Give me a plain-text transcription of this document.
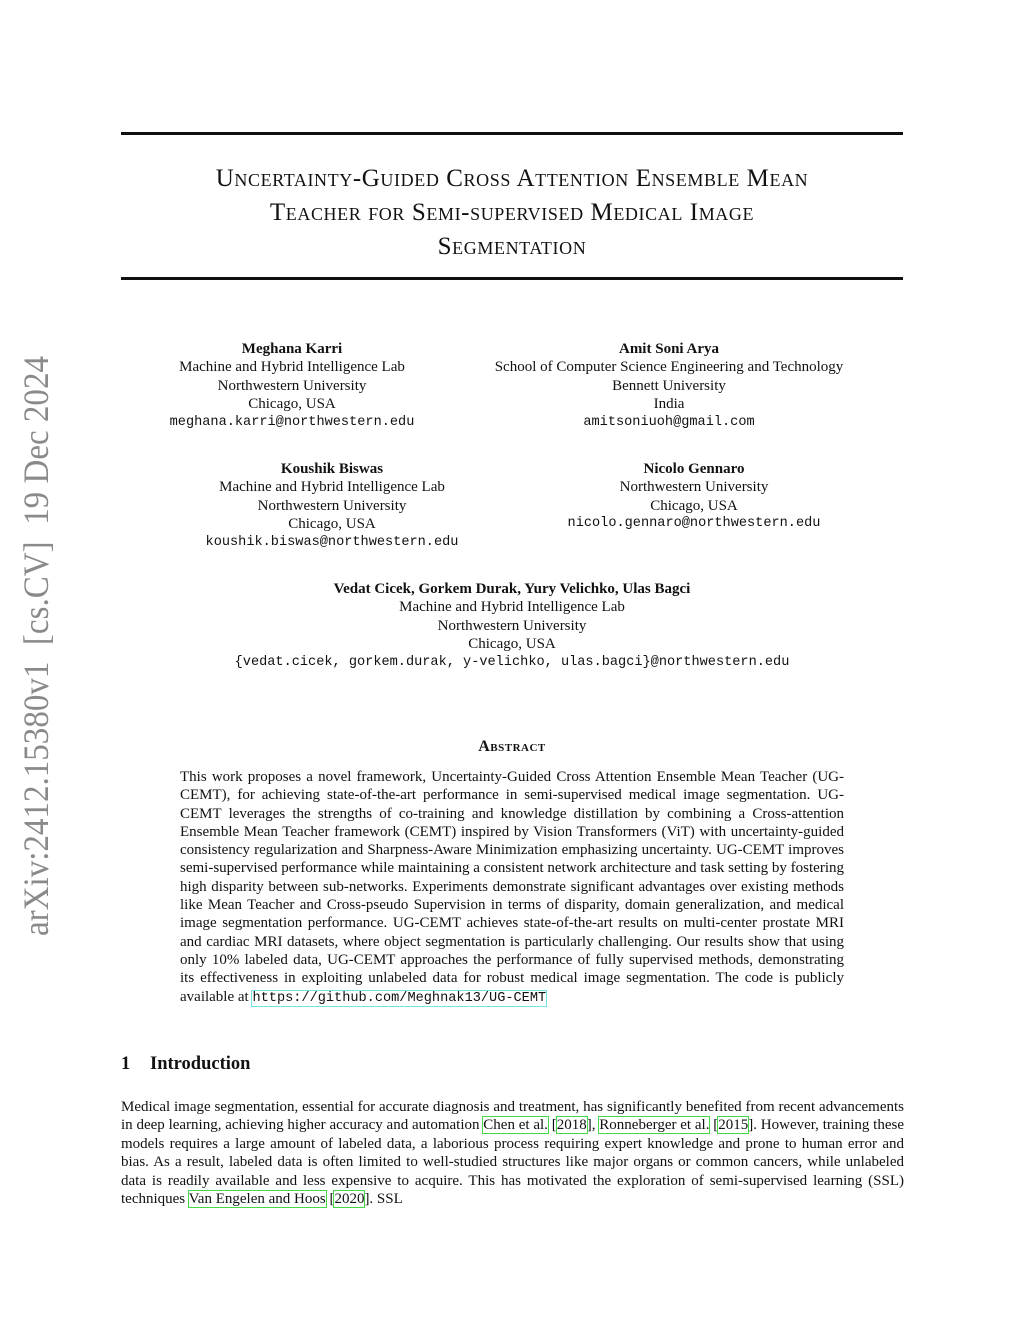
arXiv:2412.15380v1  [cs.CV]  19 Dec 2024
Uncertainty-Guided Cross Attention Ensemble Mean
Teacher for Semi-supervised Medical Image
Segmentation
Meghana Karri
Machine and Hybrid Intelligence Lab
Northwestern University
Chicago, USA
meghana.karri@northwestern.edu
Amit Soni Arya
School of Computer Science Engineering and Technology
Bennett University
India
amitsoniuoh@gmail.com
Koushik Biswas
Machine and Hybrid Intelligence Lab
Northwestern University
Chicago, USA
koushik.biswas@northwestern.edu
Nicolo Gennaro
Northwestern University
Chicago, USA
nicolo.gennaro@northwestern.edu
Vedat Cicek, Gorkem Durak, Yury Velichko, Ulas Bagci
Machine and Hybrid Intelligence Lab
Northwestern University
Chicago, USA
{vedat.cicek, gorkem.durak, y-velichko, ulas.bagci}@northwestern.edu
Abstract
This work proposes a novel framework, Uncertainty-Guided Cross Attention Ensemble Mean Teacher (UG-CEMT), for achieving state-of-the-art performance in semi-supervised medical image segmentation. UG-CEMT leverages the strengths of co-training and knowledge distillation by combining a Cross-attention Ensemble Mean Teacher framework (CEMT) inspired by Vision Transformers (ViT) with uncertainty-guided consistency regularization and Sharpness-Aware Minimization emphasizing uncertainty. UG-CEMT improves semi-supervised performance while maintaining a consistent network architecture and task setting by fostering high disparity between sub-networks. Experiments demonstrate significant advantages over existing methods like Mean Teacher and Cross-pseudo Supervision in terms of disparity, domain generalization, and medical image segmentation performance. UG-CEMT achieves state-of-the-art results on multi-center prostate MRI and cardiac MRI datasets, where object segmentation is particularly challenging. Our results show that using only 10% labeled data, UG-CEMT approaches the performance of fully supervised methods, demonstrating its effectiveness in exploiting unlabeled data for robust medical image segmentation. The code is publicly available at https://github.com/Meghnak13/UG-CEMT
1 Introduction
Medical image segmentation, essential for accurate diagnosis and treatment, has significantly benefited from recent advancements in deep learning, achieving higher accuracy and automation Chen et al. [2018], Ronneberger et al. [2015]. However, training these models requires a large amount of labeled data, a laborious process requiring expert knowledge and prone to human error and bias. As a result, labeled data is often limited to well-studied structures like major organs or common cancers, while unlabeled data is readily available and less expensive to acquire. This has motivated the exploration of semi-supervised learning (SSL) techniques Van Engelen and Hoos [2020]. SSL
